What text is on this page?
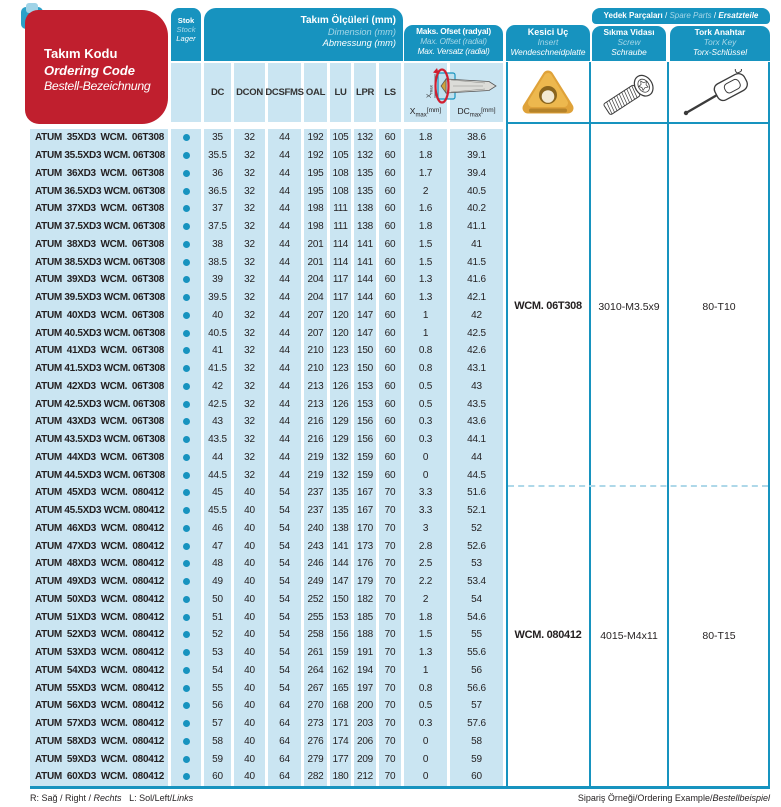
Takım Kodu
Ordering Code
Bestell-Bezeichnung
Stok
Stock
Lager
Takım Ölçüleri (mm)
Dimension (mm)
Abmessung (mm)
Maks. Ofset (radyal)
Max. Offset (radial)
Max. Versatz (radial)
Kesici Uç
Insert
Wendeschneidplatte
Yedek Parçaları / Spare Parts / Ersatzteile
Sıkma Vidası
Screw
Schraube
Tork Anahtar
Torx Key
Torx-Schlüssel
DC DCON DCSFMS OAL LU LPR LS
$X_{max}[mm]$	$DC_{max}[mm]$
$X_{max}$
ATUM 35XD3 WCM. 06T308	35	32	44	192 105 132	60	1.8	38.6
ATUM 35.5XD3 WCM. 06T308	35.5	32	44	192 105 132	60	1.8	39.1
ATUM 36XD3 WCM. 06T308	36	32	44	195 108 135	60	1.7	39.4
ATUM 36.5XD3 WCM. 06T308	36.5	32	44	195 108 135	60	2	40.5
ATUM 37XD3 WCM. 06T308	37	32	44	198 111 138	60	1.6	40.2
ATUM 37.5XD3 WCM. 06T308	37.5	32	44	198 111 138	60	1.8	41.1
ATUM 38XD3 WCM. 06T308	38	32	44	201 114 141	60	1.5	41
ATUM 38.5XD3 WCM. 06T308	38.5	32	44	201 114 141	60	1.5	41.5
ATUM 39XD3 WCM. 06T308	39	32	44	204 117 144	60	1.3	41.6
ATUM 39.5XD3 WCM. 06T308	39.5	32	44	204 117 144	60	1.3	42.1
ATUM 40XD3 WCM. 06T308	40	32	44	207 120 147	60	1	42
ATUM 40.5XD3 WCM. 06T308	40.5	32	44	207 120 147	60	1	42.5
ATUM 41XD3 WCM. 06T308	41	32	44	210 123 150	60	0.8	42.6
ATUM 41.5XD3 WCM. 06T308	41.5	32	44	210 123 150	60	0.8	43.1
ATUM 42XD3 WCM. 06T308	42	32	44	213 126 153	60	0.5	43
ATUM 42.5XD3 WCM. 06T308	42.5	32	44	213 126 153	60	0.5	43.5
ATUM 43XD3 WCM. 06T308	43	32	44	216 129 156	60	0.3	43.6
ATUM 43.5XD3 WCM. 06T308	43.5	32	44	216 129 156	60	0.3	44.1
ATUM 44XD3 WCM. 06T308	44	32	44	219 132 159	60	0	44
ATUM 44.5XD3 WCM. 06T308	44.5	32	44	219 132 159	60	0	44.5
ATUM 45XD3 WCM. 080412	45	40	54	237 135 167	70	3.3	51.6
ATUM 45.5XD3 WCM. 080412	45.5	40	54	237 135 167	70	3.3	52.1
ATUM 46XD3 WCM. 080412	46	40	54	240 138 170	70	3	52
ATUM 47XD3 WCM. 080412	47	40	54	243 141 173	70	2.8	52.6
ATUM 48XD3 WCM. 080412	48	40	54	246 144 176	70	2.5	53
ATUM 49XD3 WCM. 080412	49	40	54	249 147 179	70	2.2	53.4
ATUM 50XD3 WCM. 080412	50	40	54	252 150 182	70	2	54
ATUM 51XD3 WCM. 080412	51	40	54	255 153 185	70	1.8	54.6
ATUM 52XD3 WCM. 080412	52	40	54	258 156 188	70	1.5	55
ATUM 53XD3 WCM. 080412	53	40	54	261 159 191	70	1.3	55.6
ATUM 54XD3 WCM. 080412	54	40	54	264 162 194	70	1	56
ATUM 55XD3 WCM. 080412	55	40	54	267 165 197	70	0.8	56.6
ATUM 56XD3 WCM. 080412	56	40	64	270 168 200	70	0.5	57
ATUM 57XD3 WCM. 080412	57	40	64	273 171 203	70	0.3	57.6
ATUM 58XD3 WCM. 080412	58	40	64	276 174 206	70	0	58
ATUM 59XD3 WCM. 080412	59	40	64	279 177 209	70	0	59
ATUM 60XD3 WCM. 080412	60	40	64	282 180 212	70	0	60
WCM. 06T308	3010-M3.5x9	80-T10
WCM. 080412	4015-M4x11	80-T15
R: Sağ / Right / Rechts L: Sol/Left/Links	Sipariş Örneği/Ordering Example/Bestellbeispiel
